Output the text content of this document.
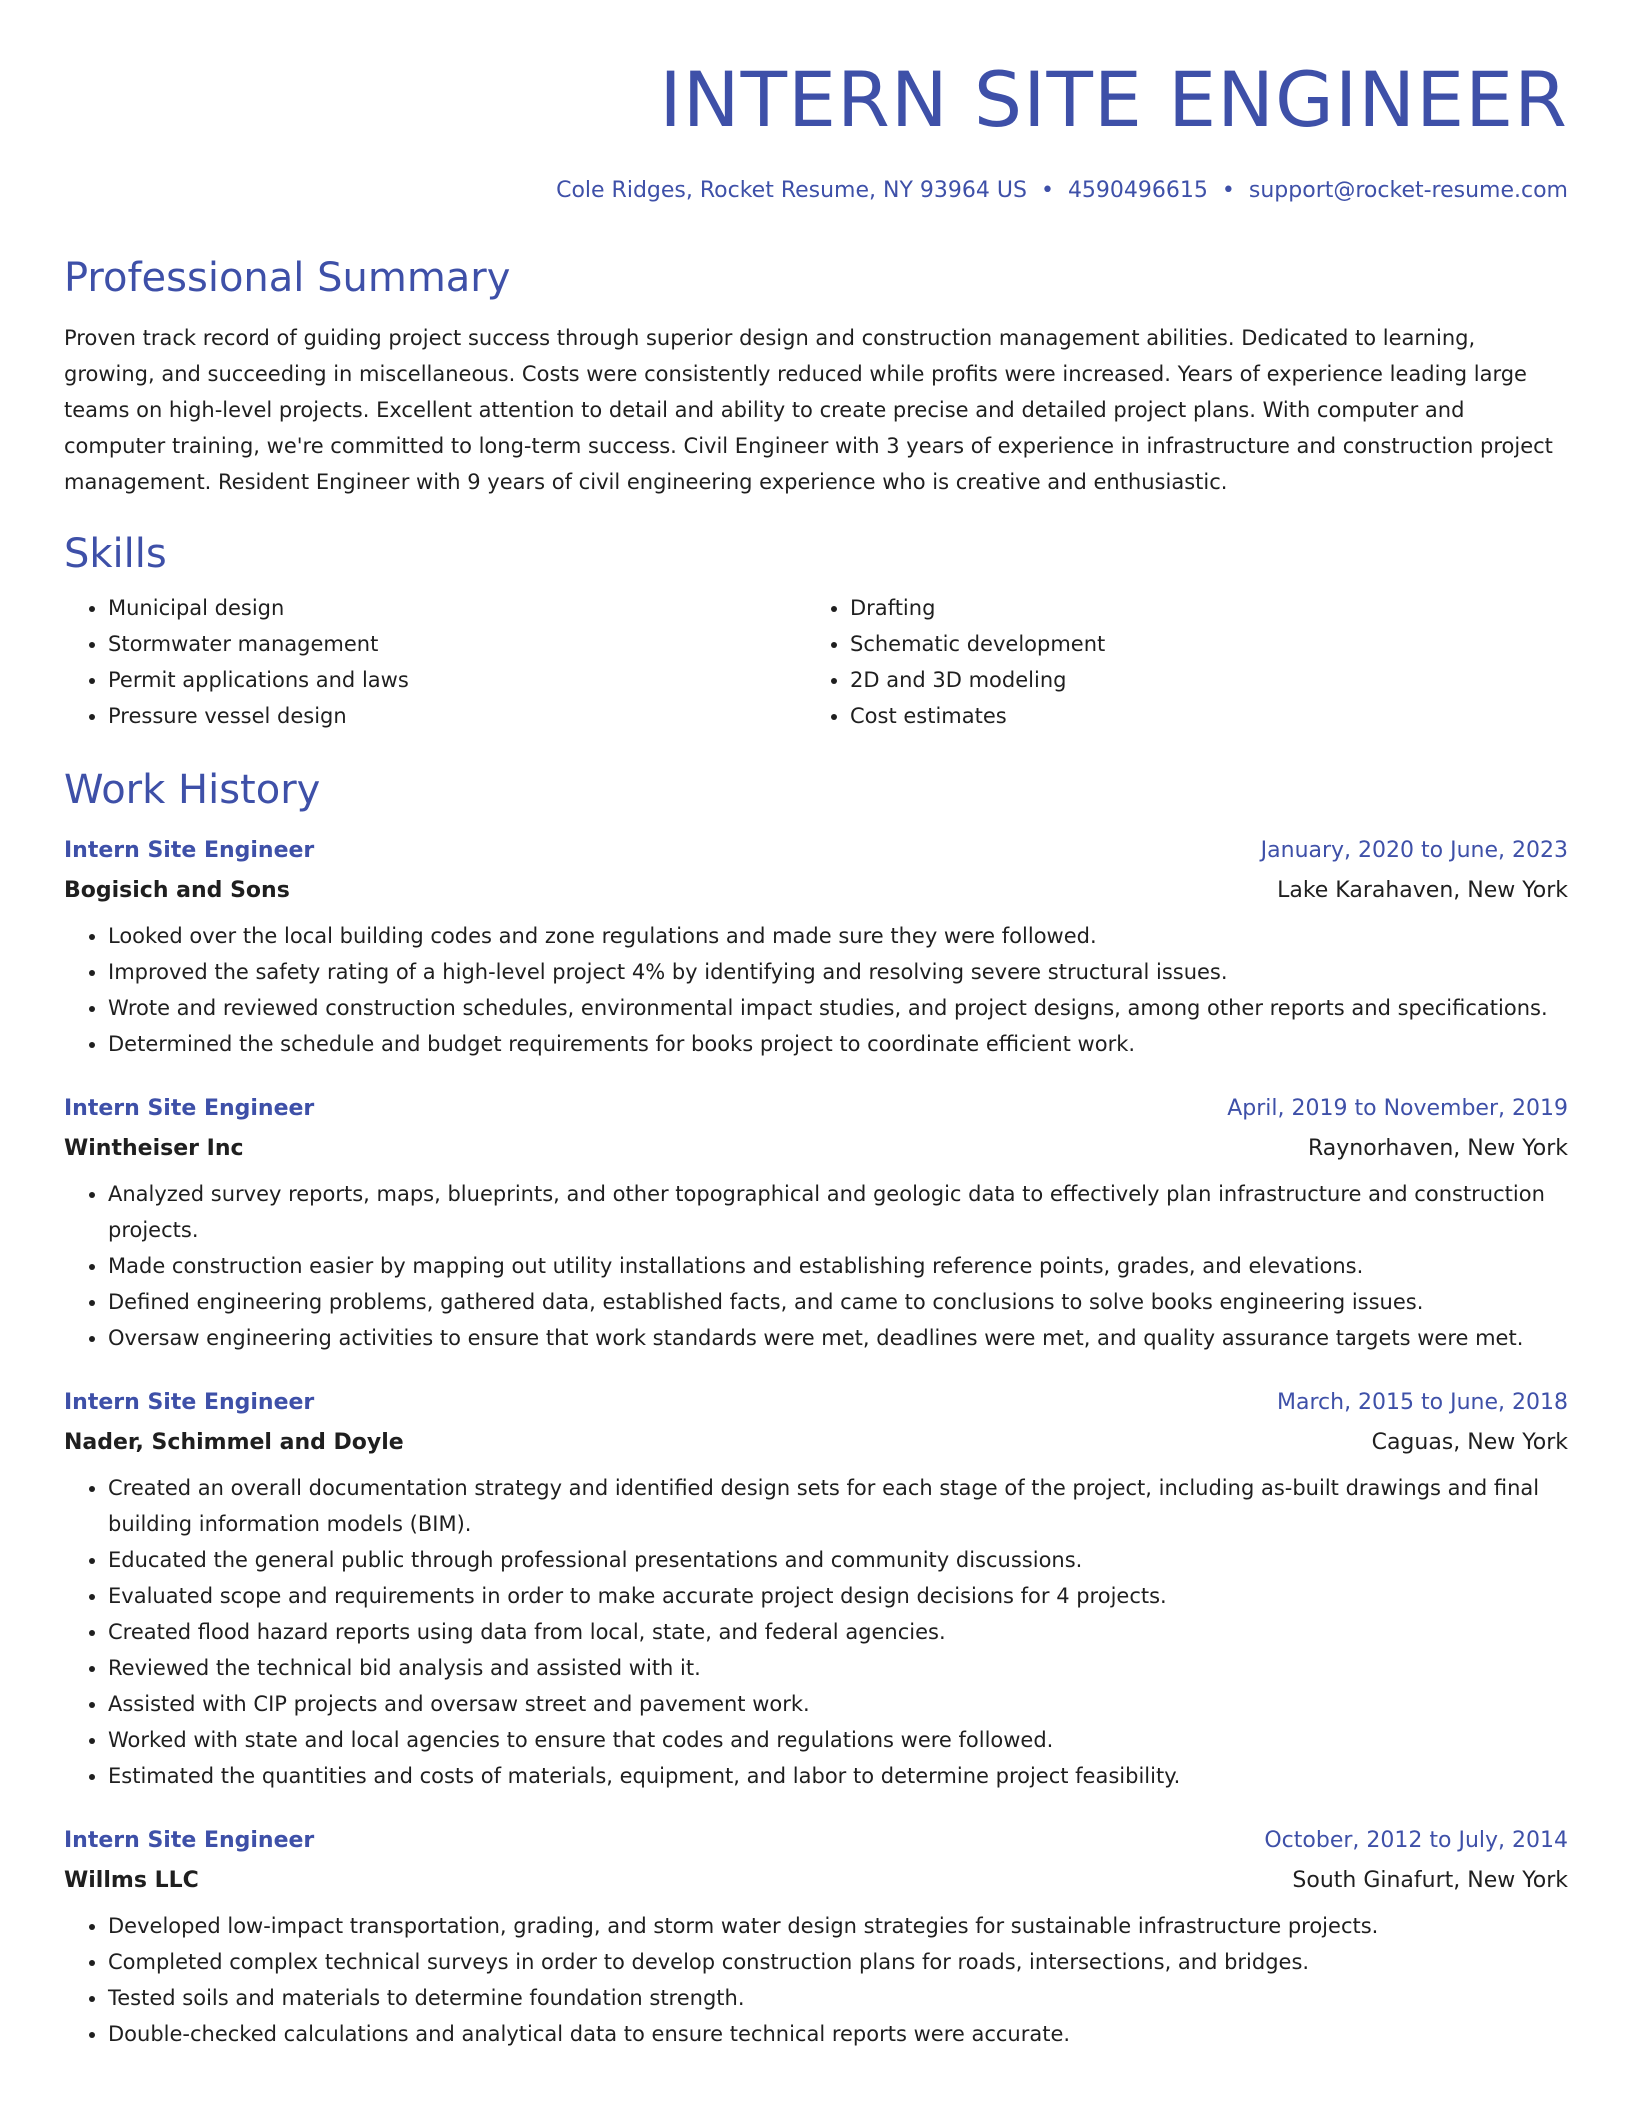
INTERN SITE ENGINEER
Cole Ridges, Rocket Resume, NY 93964 US • 4590496615 • support@rocket-resume.com
Professional Summary
Proven track record of guiding project success through superior design and construction management abilities. Dedicated to learning, growing, and succeeding in miscellaneous. Costs were consistently reduced while profits were increased. Years of experience leading large teams on high-level projects. Excellent attention to detail and ability to create precise and detailed project plans. With computer and computer training, we're committed to long-term success. Civil Engineer with 3 years of experience in infrastructure and construction project management. Resident Engineer with 9 years of civil engineering experience who is creative and enthusiastic.
Skills
• Municipal design
• Stormwater management
• Permit applications and laws
• Pressure vessel design
• Drafting
• Schematic development
• 2D and 3D modeling
• Cost estimates
Work History
Intern Site Engineer	January, 2020 to June, 2023
Bogisich and Sons	Lake Karahaven, New York
• Looked over the local building codes and zone regulations and made sure they were followed.
• Improved the safety rating of a high-level project 4% by identifying and resolving severe structural issues.
• Wrote and reviewed construction schedules, environmental impact studies, and project designs, among other reports and specifications.
• Determined the schedule and budget requirements for books project to coordinate efficient work.
Intern Site Engineer	April, 2019 to November, 2019
Wintheiser Inc	Raynorhaven, New York
• Analyzed survey reports, maps, blueprints, and other topographical and geologic data to effectively plan infrastructure and construction projects.
• Made construction easier by mapping out utility installations and establishing reference points, grades, and elevations.
• Defined engineering problems, gathered data, established facts, and came to conclusions to solve books engineering issues.
• Oversaw engineering activities to ensure that work standards were met, deadlines were met, and quality assurance targets were met.
Intern Site Engineer	March, 2015 to June, 2018
Nader, Schimmel and Doyle	Caguas, New York
• Created an overall documentation strategy and identified design sets for each stage of the project, including as-built drawings and final building information models (BIM).
• Educated the general public through professional presentations and community discussions.
• Evaluated scope and requirements in order to make accurate project design decisions for 4 projects.
• Created flood hazard reports using data from local, state, and federal agencies.
• Reviewed the technical bid analysis and assisted with it.
• Assisted with CIP projects and oversaw street and pavement work.
• Worked with state and local agencies to ensure that codes and regulations were followed.
• Estimated the quantities and costs of materials, equipment, and labor to determine project feasibility.
Intern Site Engineer	October, 2012 to July, 2014
Willms LLC	South Ginafurt, New York
• Developed low-impact transportation, grading, and storm water design strategies for sustainable infrastructure projects.
• Completed complex technical surveys in order to develop construction plans for roads, intersections, and bridges.
• Tested soils and materials to determine foundation strength.
• Double-checked calculations and analytical data to ensure technical reports were accurate.
